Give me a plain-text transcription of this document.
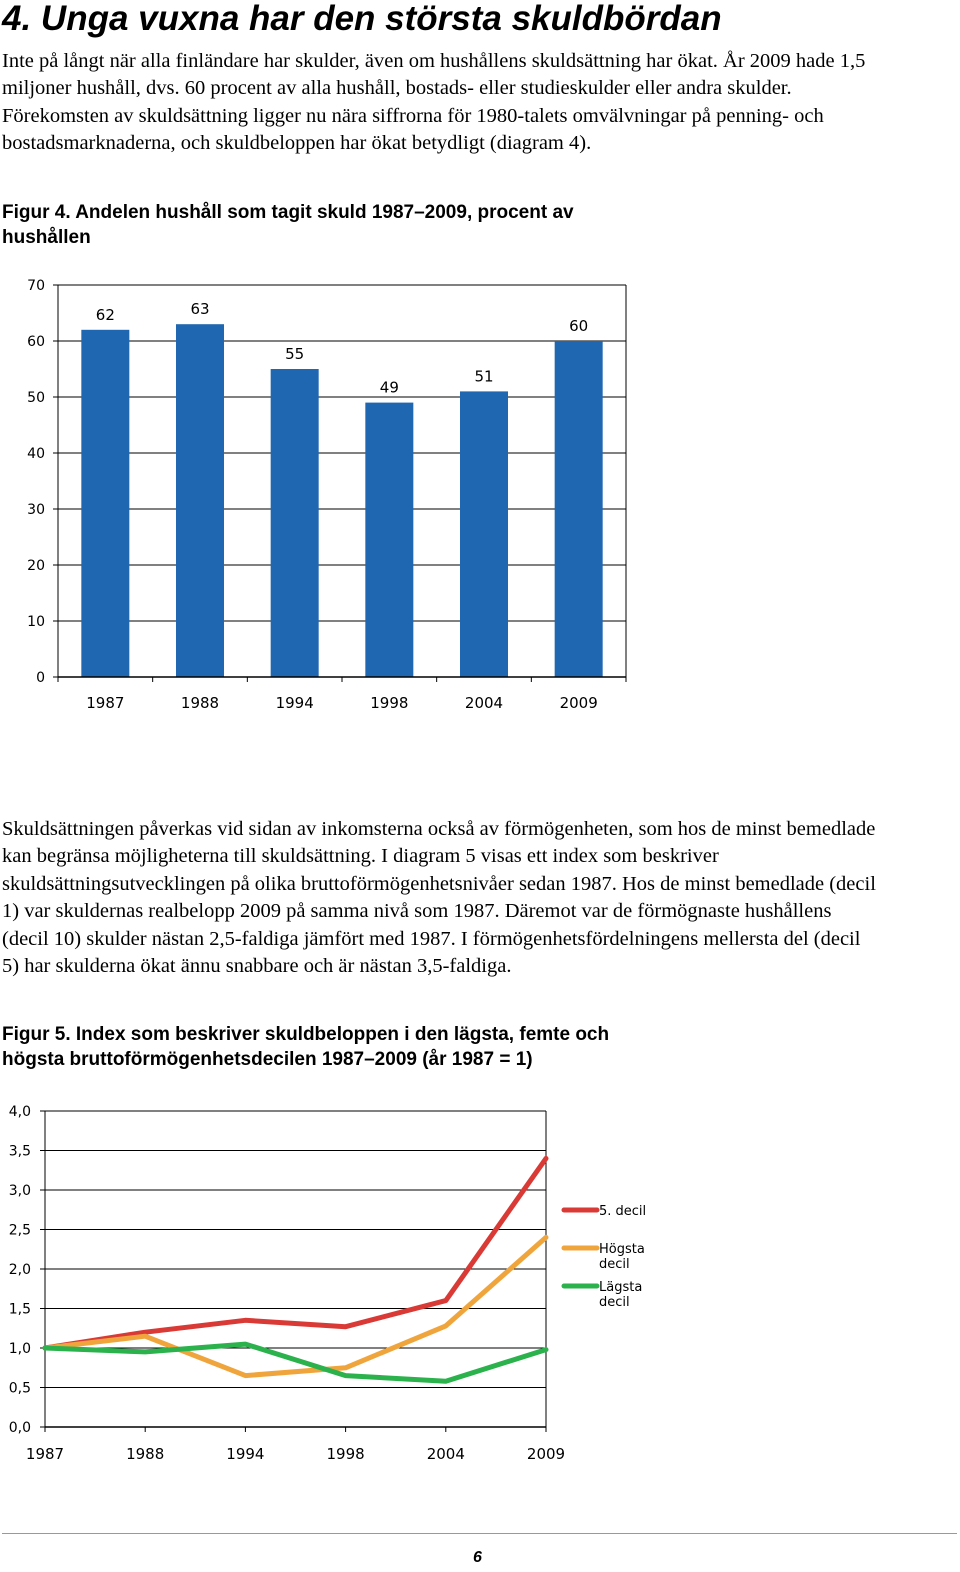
4. Unga vuxna har den största skuldbördan
Inte på långt när alla finländare har skulder, även om hushållens skuldsättning har ökat. År 2009 hade 1,5
miljoner hushåll, dvs. 60 procent av alla hushåll, bostads- eller studieskulder eller andra skulder.
Förekomsten av skuldsättning ligger nu nära siffrorna för 1980-talets omvälvningar på penning- och
bostadsmarknaderna, och skuldbeloppen har ökat betydligt (diagram 4).
Figur 4. Andelen hushåll som tagit skuld 1987–2009, procent av
hushållen
0
10
20
30
40
50
60
70
62
1987
63
1988
55
1994
49
1998
51
2004
60
2009
Skuldsättningen påverkas vid sidan av inkomsterna också av förmögenheten, som hos de minst bemedlade
kan begränsa möjligheterna till skuldsättning. I diagram 5 visas ett index som beskriver
skuldsättningsutvecklingen på olika bruttoförmögenhetsnivåer sedan 1987. Hos de minst bemedlade (decil
1) var skuldernas realbelopp 2009 på samma nivå som 1987. Däremot var de förmögnaste hushållens
(decil 10) skulder nästan 2,5-faldiga jämfört med 1987. I förmögenhetsfördelningens mellersta del (decil
5) har skulderna ökat ännu snabbare och är nästan 3,5-faldiga.
Figur 5. Index som beskriver skuldbeloppen i den lägsta, femte och
högsta bruttoförmögenhetsdecilen 1987–2009 (år 1987 = 1)
0,0
0,5
1,0
1,5
2,0
2,5
3,0
3,5
4,0
1987	1988	1994	1998	2004	2009
5. decil
Högsta
decil
Lägsta
decil
6
